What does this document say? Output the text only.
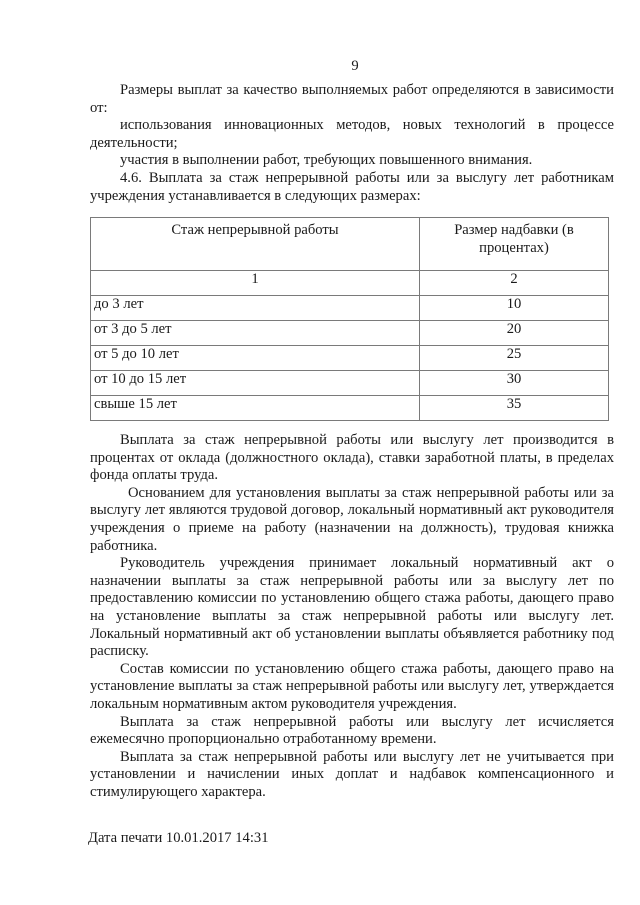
9

Размеры выплат за качество выполняемых работ определяются в зависимости от:

использования инновационных методов, новых технологий в процессе деятельности;

участия в выполнении работ, требующих повышенного внимания.

4.6. Выплата за стаж непрерывной работы или за выслугу лет работникам учреждения устанавливается в следующих размерах:

Стаж непрерывной работы	Размер надбавки (в процентах)
1	2
до 3 лет	10
от 3 до 5 лет	20
от 5 до 10 лет	25
от 10 до 15 лет	30
свыше 15 лет	35

Выплата за стаж непрерывной работы или выслугу лет производится в процентах от оклада (должностного оклада), ставки заработной платы, в пределах фонда оплаты труда.

Основанием для установления выплаты за стаж непрерывной работы или за выслугу лет являются трудовой договор, локальный нормативный акт руководителя учреждения о приеме на работу (назначении на должность), трудовая книжка работника.

Руководитель учреждения принимает локальный нормативный акт о назначении выплаты за стаж непрерывной работы или за выслугу лет по предоставлению комиссии по установлению общего стажа работы, дающего право на установление выплаты за стаж непрерывной работы или выслугу лет. Локальный нормативный акт об установлении выплаты объявляется работнику под расписку.

Состав комиссии по установлению общего стажа работы, дающего право на установление выплаты за стаж непрерывной работы или выслугу лет, утверждается локальным нормативным актом руководителя учреждения.

Выплата за стаж непрерывной работы или выслугу лет исчисляется ежемесячно пропорционально отработанному времени.

Выплата за стаж непрерывной работы или выслугу лет не учитывается при установлении и начислении иных доплат и надбавок компенсационного и стимулирующего характера.

Дата печати 10.01.2017 14:31
